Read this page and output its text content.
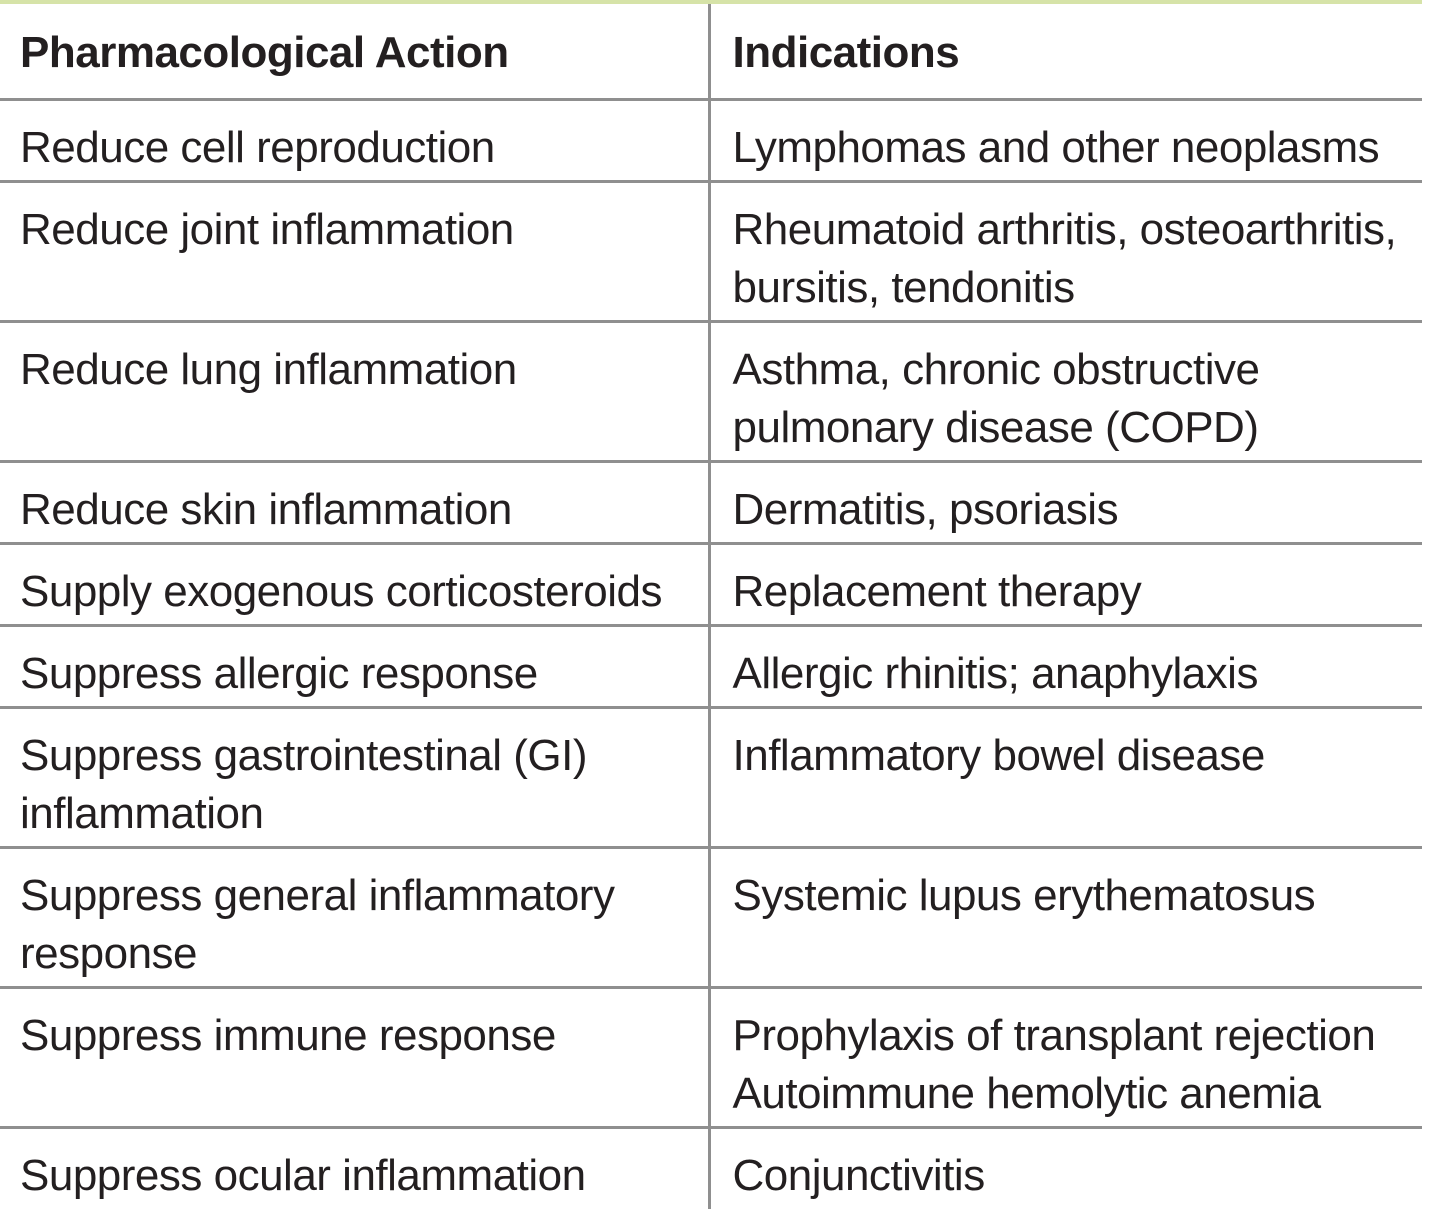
Pharmacological Action	Indications

Reduce cell reproduction	Lymphomas and other neoplasms

Reduce joint inflammation	Rheumatoid arthritis, osteoarthritis,
bursitis, tendonitis

Reduce lung inflammation	Asthma, chronic obstructive
pulmonary disease (COPD)

Reduce skin inflammation	Dermatitis, psoriasis

Supply exogenous corticosteroids	Replacement therapy

Suppress allergic response	Allergic rhinitis; anaphylaxis

Suppress gastrointestinal (GI)
inflammation	Inflammatory bowel disease

Suppress general inflammatory
response	Systemic lupus erythematosus

Suppress immune response	Prophylaxis of transplant rejection
Autoimmune hemolytic anemia

Suppress ocular inflammation	Conjunctivitis
